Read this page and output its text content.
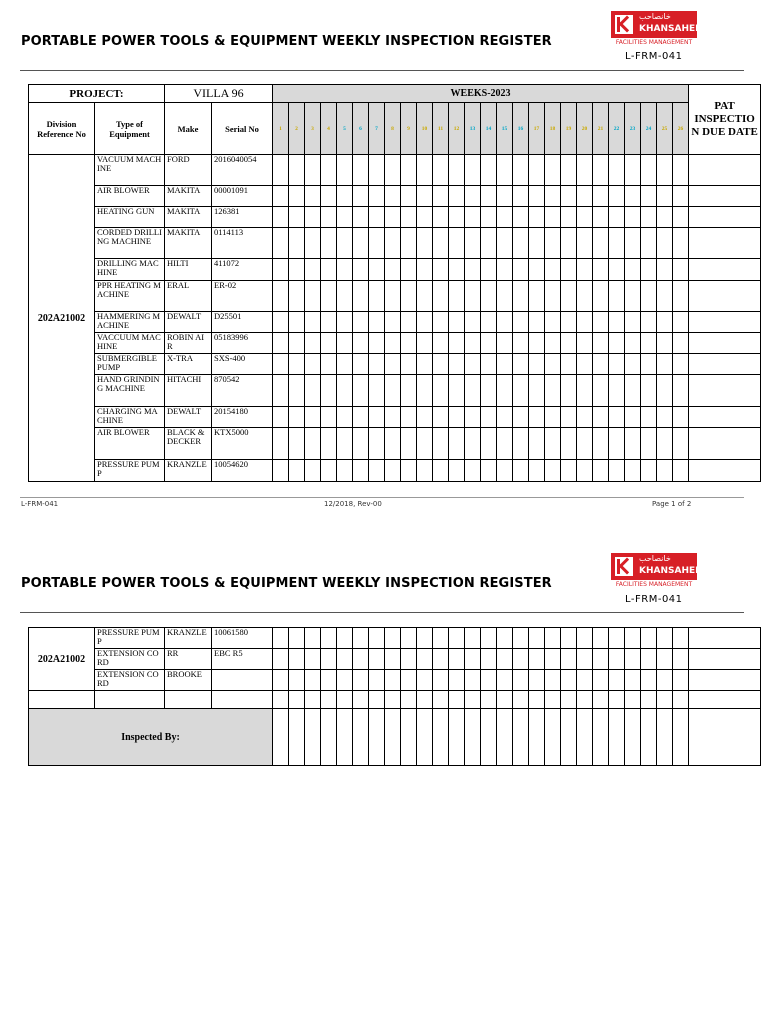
PORTABLE POWER TOOLS & EQUIPMENT WEEKLY INSPECTION REGISTER
خانصاحب
KHANSAHEB
FACILITIES MANAGEMENT
L-FRM-041
PROJECT:		VILLA 96		WEEKS-2023																										PAT INSPECTIO N DUE DATE
Division Reference No	Type of Equipment	Make	Serial No	1	2	3	4	5	6	7	8	9	10	11	12	13	14	15	16	17	18	19	20	21	22	23	24	25	26	
202A21002	VACUUM MACHINE	FORD	2016040054																											
	AIR BLOWER	MAKITA	00001091																											
	HEATING GUN	MAKITA	126381																											
	CORDED DRILLING MACHINE	MAKITA	0114113																											
	DRILLING MACHINE	HILTI	411072																											
	PPR HEATING MACHINE	ERAL	ER-02																											
	HAMMERING MACHINE	DEWALT	D25501																											
	VACCUUM MACHINE	ROBIN AIR	05183996																											
	SUBMERGIBLE PUMP	X-TRA	SXS-400																											
	HAND GRINDING MACHINE	HITACHI	870542																											
	CHARGING MACHINE	DEWALT	20154180																											
	AIR BLOWER	BLACK & DECKER	KTX5000																											
	PRESSURE PUMP	KRANZLE	10054620																											
L-FRM-041	12/2018, Rev-00	Page 1 of 2
PORTABLE POWER TOOLS & EQUIPMENT WEEKLY INSPECTION REGISTER
خانصاحب
KHANSAHEB
FACILITIES MANAGEMENT
L-FRM-041
202A21002	PRESSURE PUMP	KRANZLE	10061580																											
	EXTENSION CORD	RR	EBC R5																											
	EXTENSION CORD	BROOKE																												

Inspected By:																														
